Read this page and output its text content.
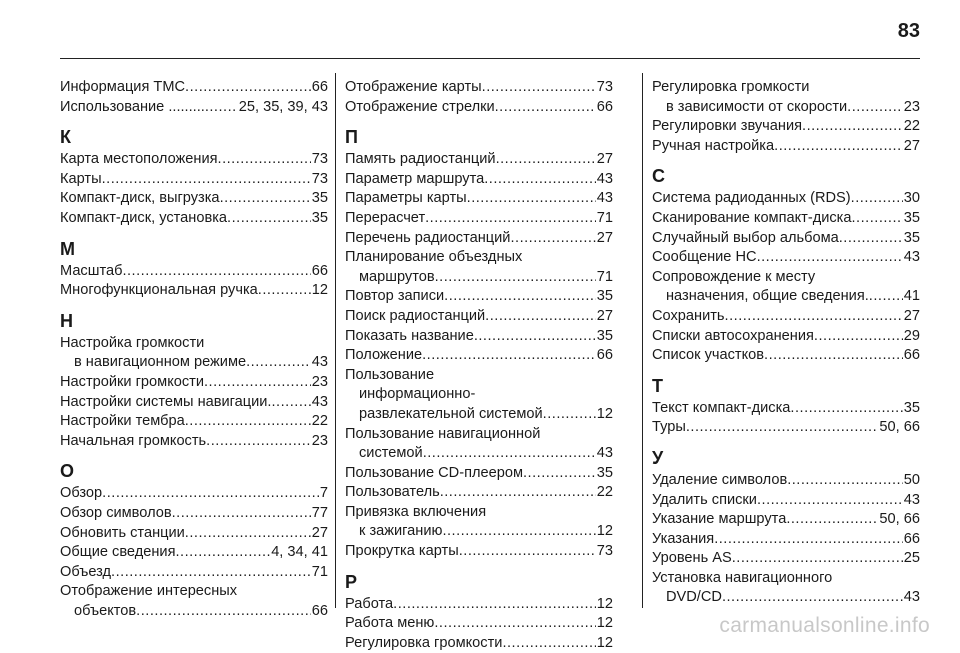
83
Информация TMC .....	66
Использование ......... ..... 25, 35, 39, 43
К
Карта местоположения .....	73
Карты .....	73
Компакт-диск, выгрузка .....	35
Компакт-диск, установка .....	35
М
Масштаб .....	66
Многофункциональная ручка .....	12
Н
Настройка громкости
в навигационном режиме .....	43
Настройки громкости .....	23
Настройки системы навигации. .....	43
Настройки тембра .....	22
Начальная громкость .....	23
О
Обзор .....	7
Обзор символов .....	77
Обновить станции .....	27
Общие сведения .....	4, 34, 41
Объезд .....	71
Отображение интересных
объектов .....	66
Отображение карты .....	73
Отображение стрелки .....	66
П
Память радиостанций .....	27
Параметр маршрута .....	43
Параметры карты .....	43
Перерасчет .....	71
Перечень радиостанций .....	27
Планирование объездных
маршрутов .....	71
Повтор записи .....	35
Поиск радиостанций .....	27
Показать название .....	35
Положение .....	66
Пользование
информационно-
развлекательной системой .....	12
Пользование навигационной
системой .....	43
Пользование CD-плеером .....	35
Пользователь .....	22
Привязка включения
к зажиганию .....	12
Прокрутка карты .....	73
Р
Работа .....	12
Работа меню .....	12
Регулировка громкости .....	12
Регулировка громкости
в зависимости от скорости .....	23
Регулировки звучания .....	22
Ручная настройка .....	27
С
Система радиоданных (RDS) .....	30
Сканирование компакт-диска .....	35
Случайный выбор альбома .....	35
Сообщение HC .....	43
Сопровождение к месту
назначения, общие сведения. ..... 41
Сохранить .....	27
Списки автосохранения .....	29
Список участков .....	66
Т
Текст компакт-диска .....	35
Туры .....	50, 66
У
Удаление символов .....	50
Удалить списки .....	43
Указание маршрута .....	50, 66
Указания .....	66
Уровень AS .....	25
Установка навигационного
DVD/CD .....	43
carmanualsonline.info
